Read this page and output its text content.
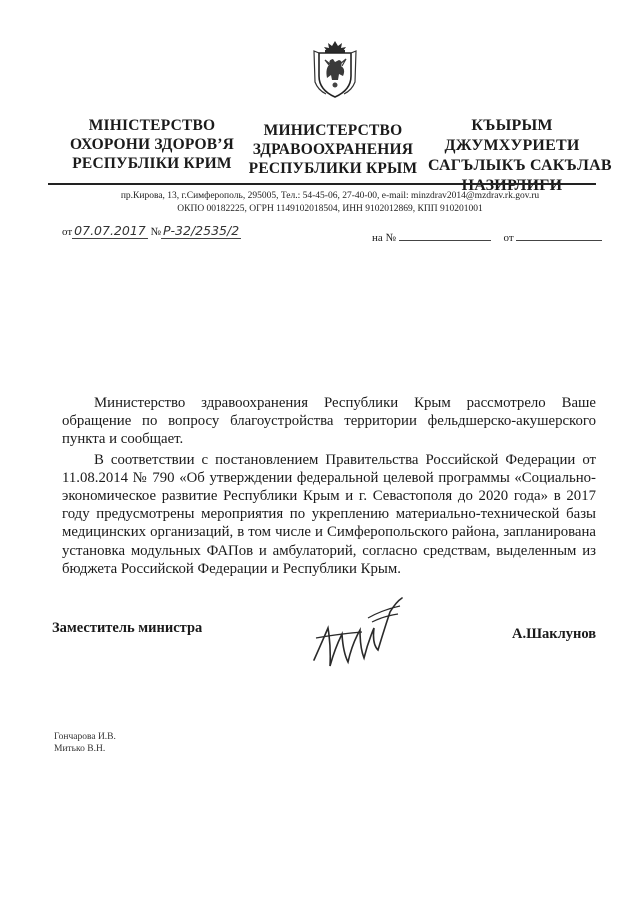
МІНІСТЕРСТВО
ОХОРОНИ ЗДОРОВ’Я
РЕСПУБЛІКИ КРИМ
МИНИСТЕРСТВО
ЗДРАВООХРАНЕНИЯ
РЕСПУБЛИКИ КРЫМ
КЪЫРЫМ
ДЖУМХУРИЕТИ
САГЪЛЫКЪ САКЪЛАВ
НАЗИРЛИГИ
пр.Кирова, 13, г.Симферополь, 295005, Тел.: 54-45-06, 27-40-00, e-mail: minzdrav2014@mzdrav.rk.gov.ru
ОКПО 00182225, ОГРН 1149102018504, ИНН 9102012869, КПП 910201001
от 07.07.2017 № Р-32/2535/2	на №	от

Министерство здравоохранения Республики Крым рассмотрело Ваше обращение по вопросу благоустройства территории фельдшерско-акушерского пункта и сообщает.

В соответствии с постановлением Правительства Российской Федерации от 11.08.2014 № 790 «Об утверждении федеральной целевой программы «Социально-экономическое развитие Республики Крым и г. Севастополя до 2020 года» в 2017 году предусмотрены мероприятия по укреплению материально-технической базы медицинских организаций, в том числе и Симферопольского района, запланирована установка модульных ФАПов и амбулаторий, согласно средствам, выделенным из бюджета Российской Федерации и Республики Крым.

Заместитель министра	А.Шаклунов
Гончарова И.В.
Митько В.Н.
